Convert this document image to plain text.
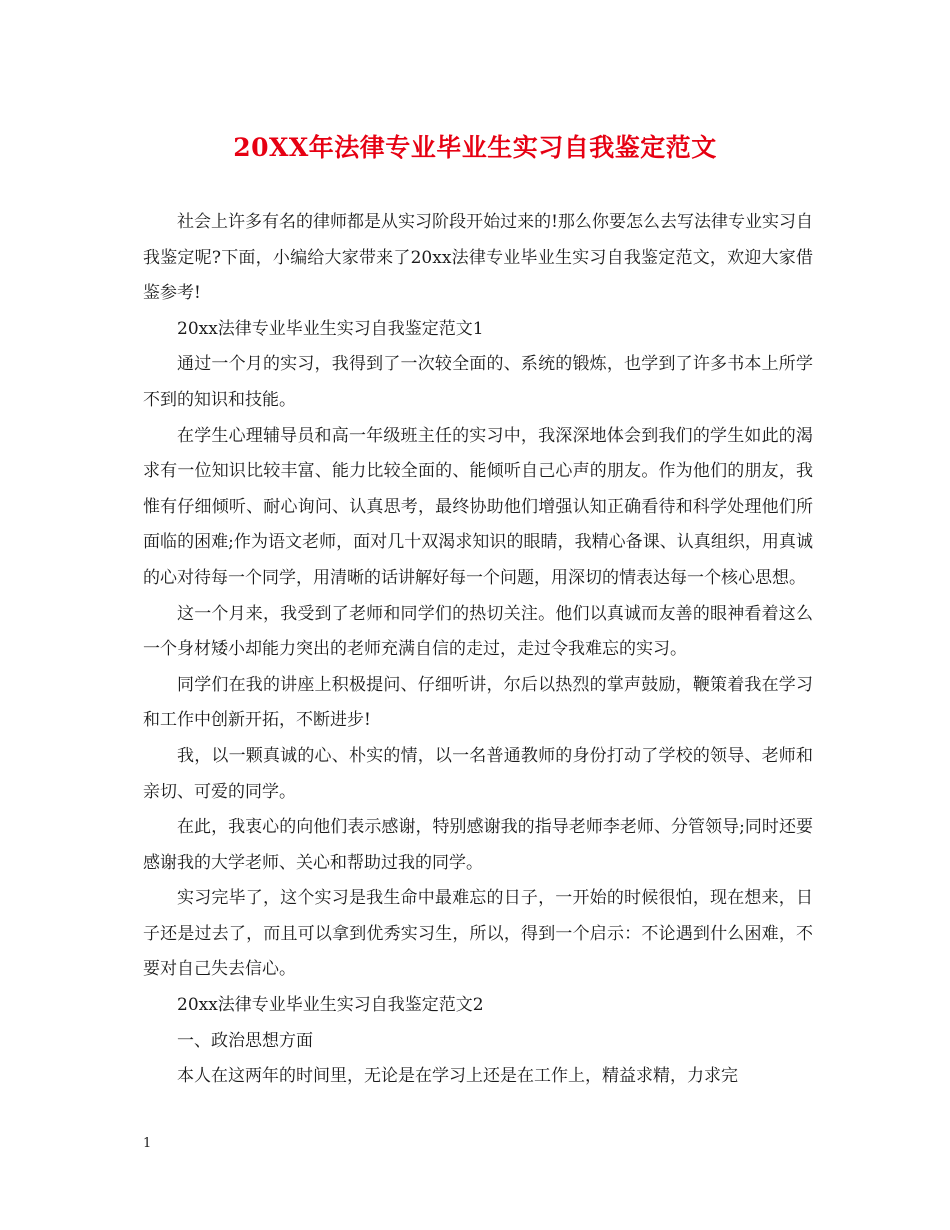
20XX年法律专业毕业生实习自我鉴定范文

社会上许多有名的律师都是从实习阶段开始过来的!那么你要怎么去写法律专业实习自我鉴定呢?下面，小编给大家带来了20xx法律专业毕业生实习自我鉴定范文，欢迎大家借鉴参考!

20xx法律专业毕业生实习自我鉴定范文1

通过一个月的实习，我得到了一次较全面的、系统的锻炼，也学到了许多书本上所学不到的知识和技能。

在学生心理辅导员和高一年级班主任的实习中，我深深地体会到我们的学生如此的渴求有一位知识比较丰富、能力比较全面的、能倾听自己心声的朋友。作为他们的朋友，我惟有仔细倾听、耐心询问、认真思考，最终协助他们增强认知正确看待和科学处理他们所面临的困难;作为语文老师，面对几十双渴求知识的眼睛，我精心备课、认真组织，用真诚的心对待每一个同学，用清晰的话讲解好每一个问题，用深切的情表达每一个核心思想。

这一个月来，我受到了老师和同学们的热切关注。他们以真诚而友善的眼神看着这么一个身材矮小却能力突出的老师充满自信的走过，走过令我难忘的实习。

同学们在我的讲座上积极提问、仔细听讲，尔后以热烈的掌声鼓励，鞭策着我在学习和工作中创新开拓，不断进步!

我，以一颗真诚的心、朴实的情，以一名普通教师的身份打动了学校的领导、老师和亲切、可爱的同学。

在此，我衷心的向他们表示感谢，特别感谢我的指导老师李老师、分管领导;同时还要感谢我的大学老师、关心和帮助过我的同学。

实习完毕了，这个实习是我生命中最难忘的日子，一开始的时候很怕，现在想来，日子还是过去了，而且可以拿到优秀实习生，所以，得到一个启示：不论遇到什么困难，不要对自己失去信心。

20xx法律专业毕业生实习自我鉴定范文2

一、政治思想方面

本人在这两年的时间里，无论是在学习上还是在工作上，精益求精，力求完

1
